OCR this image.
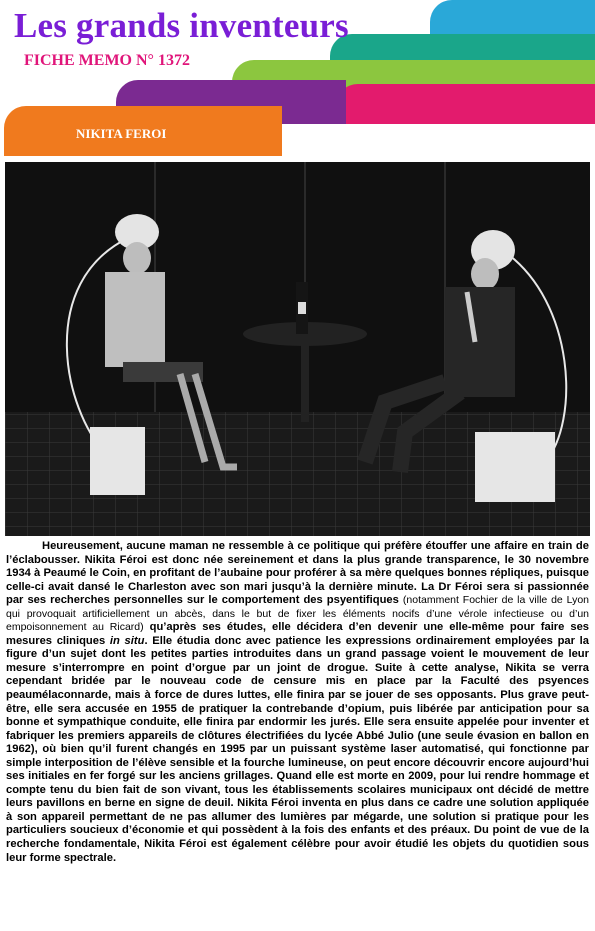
Les grands inventeurs
FICHE MEMO N° 1372
NIKITA FEROI

Heureusement, aucune maman ne ressemble à ce politique qui préfère étouffer une affaire en train de l’éclabousser. Nikita Féroi est donc née sereinement et dans la plus grande transparence, le 30 novembre 1934 à Peaumé le Coin, en profitant de l’aubaine pour proférer à sa mère quelques bonnes répliques, puisque celle-ci avait dansé le Charleston avec son mari jusqu’à la dernière minute. La Dr Féroi sera si passionnée par ses recherches personnelles sur le comportement des psyentifiques (notamment Fochier de la ville de Lyon qui provoquait artificiellement un abcès, dans le but de fixer les éléments nocifs d’une vérole infectieuse ou d’un empoisonnement au Ricard) qu’après ses études, elle décidera d’en devenir une elle-même pour faire ses mesures cliniques in situ. Elle étudia donc avec patience les expressions ordinairement employées par la figure d’un sujet dont les petites parties introduites dans un grand passage voient le mouvement de leur mesure s’interrompre en point d’orgue par un joint de drogue. Suite à cette analyse, Nikita se verra cependant bridée par le nouveau code de censure mis en place par la Faculté des psyences peaumélaconnarde, mais à force de dures luttes, elle finira par se jouer de ses opposants. Plus grave peut-être, elle sera accusée en 1955 de pratiquer la contrebande d’opium, puis libérée par anticipation pour sa bonne et sympathique conduite, elle finira par endormir les jurés. Elle sera ensuite appelée pour inventer et fabriquer les premiers appareils de clôtures électrifiées du lycée Abbé Julio (une seule évasion en ballon en 1962), où bien qu’il furent changés en 1995 par un puissant système laser automatisé, qui fonctionne par simple interposition de l’élève sensible et la fourche lumineuse, on peut encore découvrir encore aujourd’hui ses initiales en fer forgé sur les anciens grillages. Quand elle est morte en 2009, pour lui rendre hommage et compte tenu du bien fait de son vivant, tous les établissements scolaires municipaux ont décidé de mettre leurs pavillons en berne en signe de deuil. Nikita Féroi inventa en plus dans ce cadre une solution appliquée à son appareil permettant de ne pas allumer des lumières par mégarde, une solution si pratique pour les particuliers soucieux d’économie et qui possèdent à la fois des enfants et des préaux. Du point de vue de la recherche fondamentale, Nikita Féroi est également célèbre pour avoir étudié les objets du quotidien sous leur forme spectrale.
